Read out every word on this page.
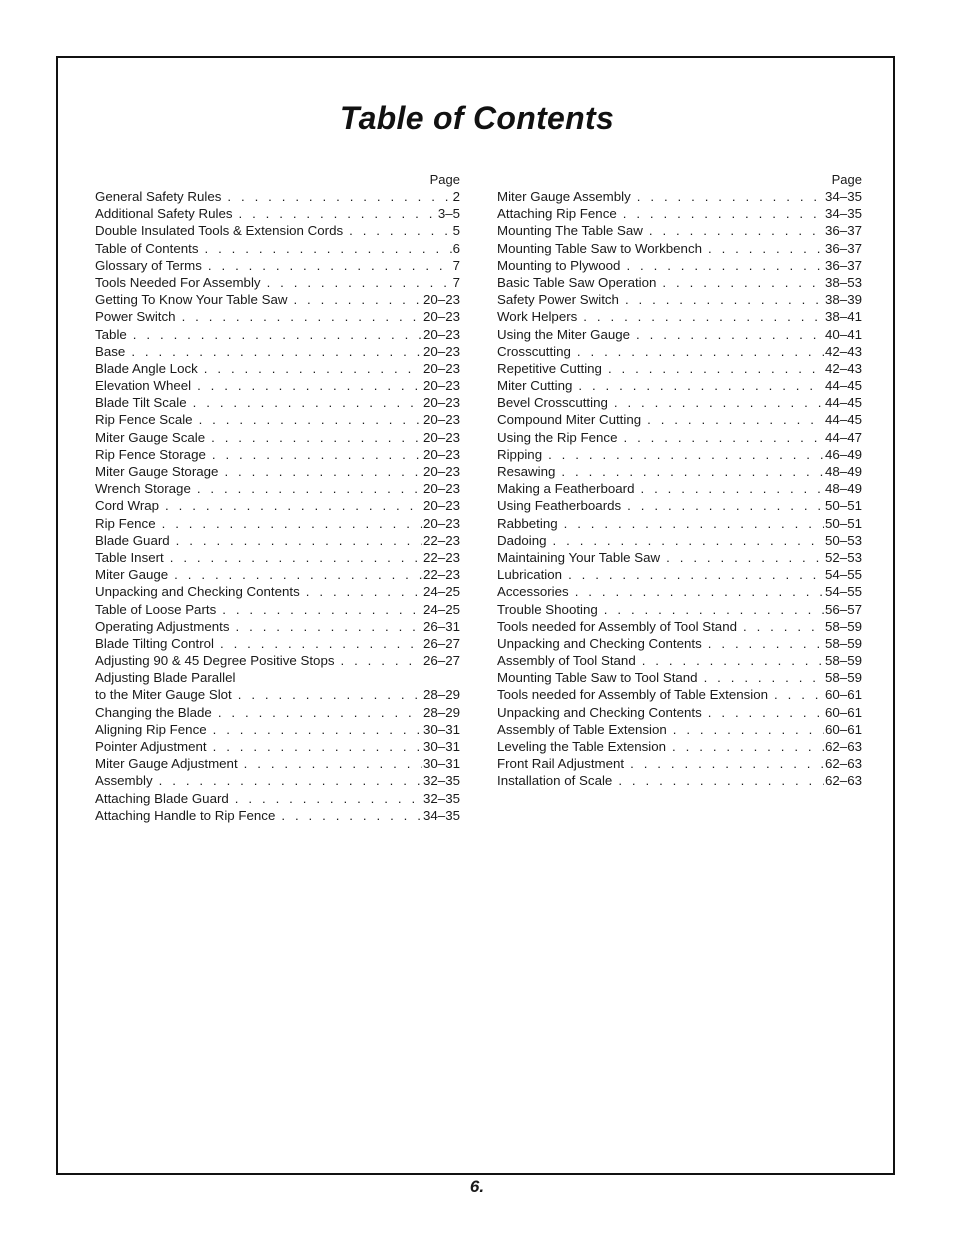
Table of Contents
Page
General Safety Rules . . .	2
Additional Safety Rules . . .	3–5
Double Insulated Tools & Extension Cords . . .	5
Table of Contents . . .	6
Glossary of Terms . . .	7
Tools Needed For Assembly . . .	7
Getting To Know Your Table Saw . . .	20–23
Power Switch . . .	20–23
Table . . .	20–23
Base . . .	20–23
Blade Angle Lock . . .	20–23
Elevation Wheel . . .	20–23
Blade Tilt Scale . . .	20–23
Rip Fence Scale . . .	20–23
Miter Gauge Scale . . .	20–23
Rip Fence Storage . . .	20–23
Miter Gauge Storage . . .	20–23
Wrench Storage . . .	20–23
Cord Wrap . . .	20–23
Rip Fence . . .	20–23
Blade Guard . . .	22–23
Table Insert . . .	22–23
Miter Gauge . . .	22–23
Unpacking and Checking Contents . . .	24–25
Table of Loose Parts . . .	24–25
Operating Adjustments . . .	26–31
Blade Tilting Control . . .	26–27
Adjusting 90 & 45 Degree Positive Stops . . .	26–27
Adjusting Blade Parallel
to the Miter Gauge Slot . . .	28–29
Changing the Blade . . .	28–29
Aligning Rip Fence . . .	30–31
Pointer Adjustment . . .	30–31
Miter Gauge Adjustment . . .	30–31
Assembly . . .	32–35
Attaching Blade Guard . . .	32–35
Attaching Handle to Rip Fence . . .	34–35
Page
Miter Gauge Assembly . . .	34–35
Attaching Rip Fence . . .	34–35
Mounting The Table Saw . . .	36–37
Mounting Table Saw to Workbench . . .	36–37
Mounting to Plywood . . .	36–37
Basic Table Saw Operation . . .	38–53
Safety Power Switch . . .	38–39
Work Helpers . . .	38–41
Using the Miter Gauge . . .	40–41
Crosscutting . . .	42–43
Repetitive Cutting . . .	42–43
Miter Cutting . . .	44–45
Bevel Crosscutting . . .	44–45
Compound Miter Cutting . . .	44–45
Using the Rip Fence . . .	44–47
Ripping . . .	46–49
Resawing . . .	48–49
Making a Featherboard . . .	48–49
Using Featherboards . . .	50–51
Rabbeting . . .	50–51
Dadoing . . .	50–53
Maintaining Your Table Saw . . .	52–53
Lubrication . . .	54–55
Accessories . . .	54–55
Trouble Shooting . . .	56–57
Tools needed for Assembly of Tool Stand . . .	58–59
Unpacking and Checking Contents . . .	58–59
Assembly of Tool Stand . . .	58–59
Mounting Table Saw to Tool Stand . . .	58–59
Tools needed for Assembly of Table Extension . . .	60–61
Unpacking and Checking Contents . . .	60–61
Assembly of Table Extension . . .	60–61
Leveling the Table Extension . . .	62–63
Front Rail Adjustment . . .	62–63
Installation of Scale . . .	62–63
6.
